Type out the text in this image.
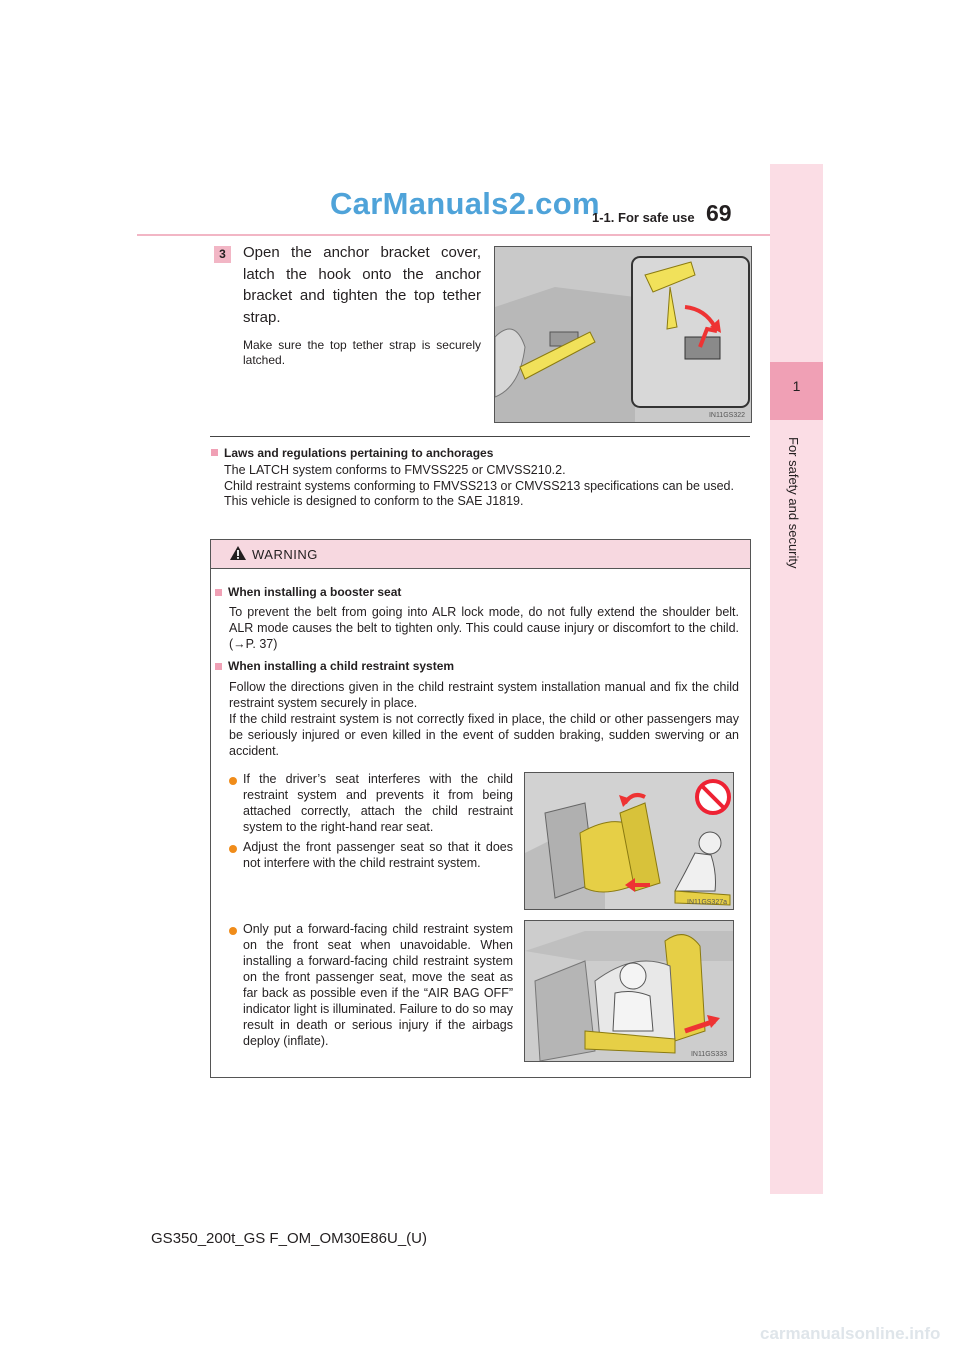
CarManuals2.com
1-1. For safe use 69
1
For safety and security
3	Open the anchor bracket cover, latch the hook onto the anchor bracket and tighten the top tether strap.
Make sure the top tether strap is securely latched.
IN11GS322
Laws and regulations pertaining to anchorages
The LATCH system conforms to FMVSS225 or CMVSS210.2.
Child restraint systems conforming to FMVSS213 or CMVSS213 specifications can be used.
This vehicle is designed to conform to the SAE J1819.
WARNING
When installing a booster seat
To prevent the belt from going into ALR lock mode, do not fully extend the shoulder belt. ALR mode causes the belt to tighten only. This could cause injury or discomfort to the child. (→P. 37)
When installing a child restraint system
Follow the directions given in the child restraint system installation manual and fix the child restraint system securely in place.
If the child restraint system is not correctly fixed in place, the child or other passengers may be seriously injured or even killed in the event of sudden braking, sudden swerving or an accident.
If the driver’s seat interferes with the child restraint system and prevents it from being attached correctly, attach the child restraint system to the right-hand rear seat.
Adjust the front passenger seat so that it does not interfere with the child restraint system.
Only put a forward-facing child restraint system on the front seat when unavoidable. When installing a forward-facing child restraint system on the front passenger seat, move the seat as far back as possible even if the “AIR BAG OFF” indicator light is illuminated. Failure to do so may result in death or serious injury if the airbags deploy (inflate).
IN11GS327a
IN11GS333
GS350_200t_GS F_OM_OM30E86U_(U)
carmanualsonline.info
